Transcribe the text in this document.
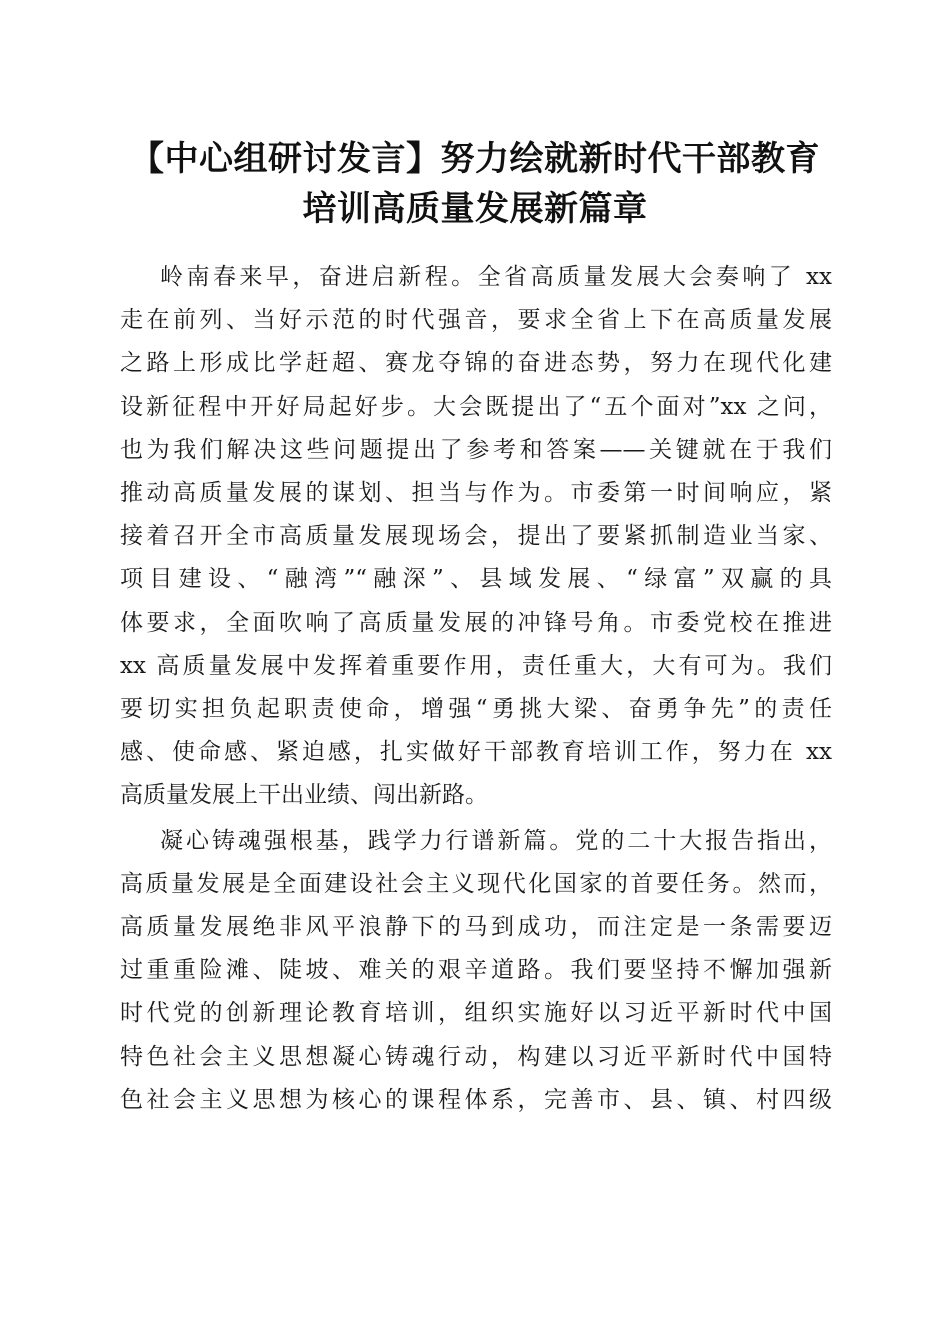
【中心组研讨发言】努力绘就新时代干部教育
培训高质量发展新篇章

岭南春来早，奋进启新程。全省高质量发展大会奏响了 xx
走在前列、当好示范的时代强音，要求全省上下在高质量发展
之路上形成比学赶超、赛龙夺锦的奋进态势，努力在现代化建
设新征程中开好局起好步。大会既提出了“五个面对”xx 之问，
也为我们解决这些问题提出了参考和答案——关键就在于我们
推动高质量发展的谋划、担当与作为。市委第一时间响应，紧
接着召开全市高质量发展现场会，提出了要紧抓制造业当家、
项目建设、“融湾”“融深”、县域发展、“绿富”双赢的具
体要求，全面吹响了高质量发展的冲锋号角。市委党校在推进
xx 高质量发展中发挥着重要作用，责任重大，大有可为。我们
要切实担负起职责使命，增强“勇挑大梁、奋勇争先”的责任
感、使命感、紧迫感，扎实做好干部教育培训工作，努力在 xx
高质量发展上干出业绩、闯出新路。

凝心铸魂强根基，践学力行谱新篇。党的二十大报告指出，
高质量发展是全面建设社会主义现代化国家的首要任务。然而，
高质量发展绝非风平浪静下的马到成功，而注定是一条需要迈
过重重险滩、陡坡、难关的艰辛道路。我们要坚持不懈加强新
时代党的创新理论教育培训，组织实施好以习近平新时代中国
特色社会主义思想凝心铸魂行动，构建以习近平新时代中国特
色社会主义思想为核心的课程体系，完善市、县、镇、村四级
